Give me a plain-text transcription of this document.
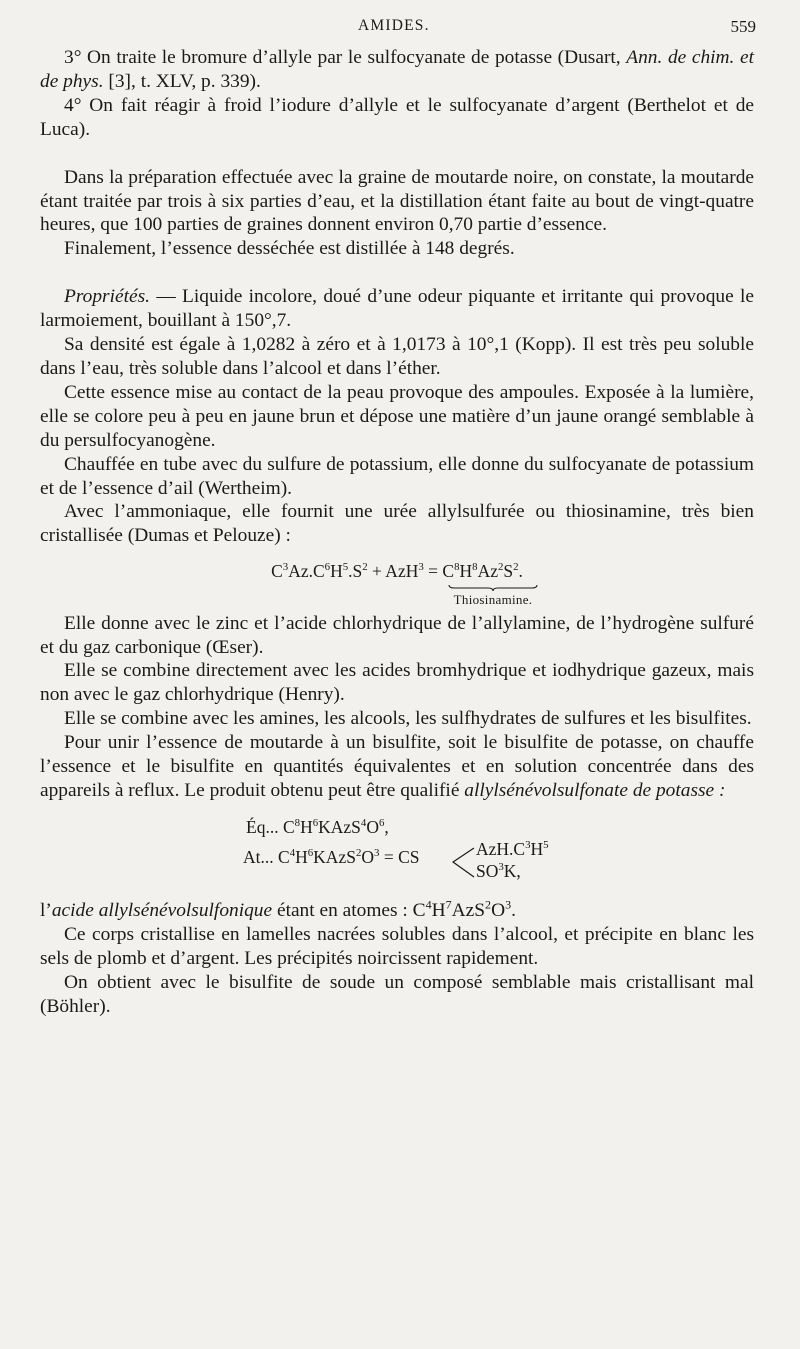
AMIDES.	559

3° On traite le bromure d’allyle par le sulfocyanate de potasse (Dusart, Ann. de chim. et de phys. [3], t. XLV, p. 339).

4° On fait réagir à froid l’iodure d’allyle et le sulfocyanate d’argent (Berthelot et de Luca).

Dans la préparation effectuée avec la graine de moutarde noire, on constate, la moutarde étant traitée par trois à six parties d’eau, et la distillation étant faite au bout de vingt-quatre heures, que 100 parties de graines donnent environ 0,70 partie d’essence.

Finalement, l’essence desséchée est distillée à 148 degrés.

Propriétés. — Liquide incolore, doué d’une odeur piquante et irritante qui provoque le larmoiement, bouillant à 150°,7.

Sa densité est égale à 1,0282 à zéro et à 1,0173 à 10°,1 (Kopp). Il est très peu soluble dans l’eau, très soluble dans l’alcool et dans l’éther.

Cette essence mise au contact de la peau provoque des ampoules. Exposée à la lumière, elle se colore peu à peu en jaune brun et dépose une matière d’un jaune orangé semblable à du persulfocyanogène.

Chauffée en tube avec du sulfure de potassium, elle donne du sulfocyanate de potassium et de l’essence d’ail (Wertheim).

Avec l’ammoniaque, elle fournit une urée allylsulfurée ou thiosinamine, très bien cristallisée (Dumas et Pelouze) :

$C^3Az.C^6H^5.S^2 + AzH^3 = C^8H^8Az^2S^2$.
Thiosinamine.

Elle donne avec le zinc et l’acide chlorhydrique de l’allylamine, de l’hydrogène sulfuré et du gaz carbonique (Œser).

Elle se combine directement avec les acides bromhydrique et iodhydrique gazeux, mais non avec le gaz chlorhydrique (Henry).

Elle se combine avec les amines, les alcools, les sulfhydrates de sulfures et les bisulfites.

Pour unir l’essence de moutarde à un bisulfite, soit le bisulfite de potasse, on chauffe l’essence et le bisulfite en quantités équivalentes et en solution concentrée dans des appareils à reflux. Le produit obtenu peut être qualifié allylsénévolsulfonate de potasse :

Éq... $C^8H^6KAzS^4O^6$,
At... $C^4H^6KAzS^2O^3$ = CS	$AzH.C^3H^5$
$SO^3K$,

l’acide allylsénévolsulfonique étant en atomes : $C^4H^7AzS^2O^3$.

Ce corps cristallise en lamelles nacrées solubles dans l’alcool, et précipite en blanc les sels de plomb et d’argent. Les précipités noircissent rapidement.

On obtient avec le bisulfite de soude un composé semblable mais cristallisant mal (Böhler).
